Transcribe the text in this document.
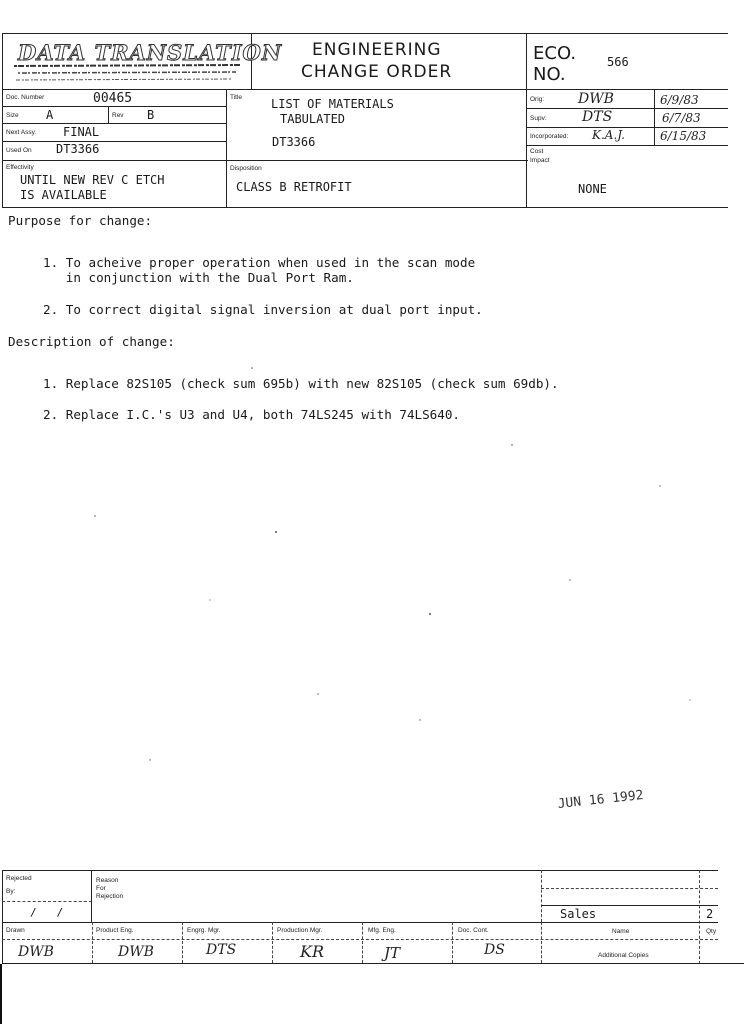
DATA TRANSLATION ENGINEERING
CHANGE ORDER
ECO.
NO.
566
Doc. Number	00465
Size A	Rev B
Next Assy. FINAL
Used On DT3366
Title LIST OF MATERIALS
TABULATED
DT3366
Orig: DWB	6/9/83
Supv:	DTS	6/7/83
Incorporated: K.A.J.	6/15/83
Effectivity
UNTIL NEW REV C ETCH
IS AVAILABLE
Disposition
CLASS B RETROFIT
Cost
Impact
NONE
Purpose for change:
1. To acheive proper operation when used in the scan mode
in conjunction with the Dual Port Ram.
2. To correct digital signal inversion at dual port input.
Description of change:
1. Replace 82S105 (check sum 695b) with new 82S105 (check sum 69db).
2. Replace I.C.'s U3 and U4, both 74LS245 with 74LS640.
JUN 16 1992
Rejected
By:
/   /
Reason
For
Rejection
Sales	2
Name	Qty
Additional Copies
Drawn	Product Eng.	Engrg. Mgr.	Production Mgr.	Mfg. Eng.	Doc. Cont.
DWB	DWB	DTS	KR	JT	DS
